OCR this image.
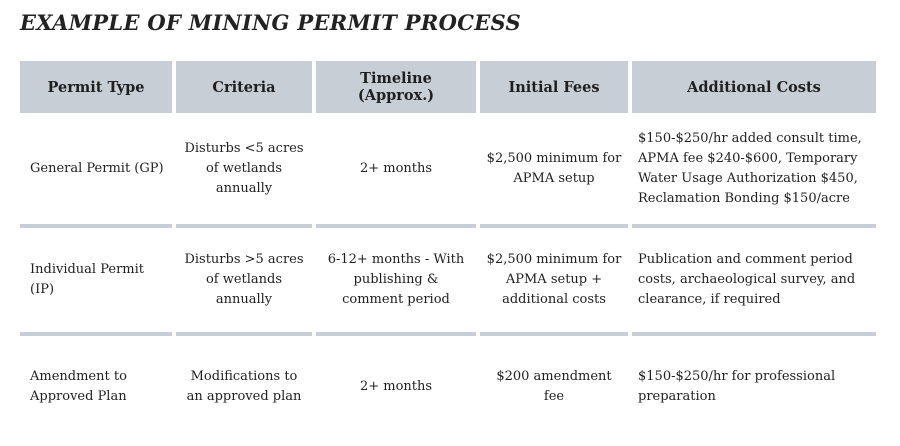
EXAMPLE OF MINING PERMIT PROCESS
Permit Type	Criteria	Timeline (Approx.)	Initial Fees	Additional Costs
General Permit (GP)	Disturbs <5 acres of wetlands annually	2+ months	$2,500 minimum for APMA setup	$150-$250/hr added consult time, APMA fee $240-$600, Temporary Water Usage Authorization $450, Reclamation Bonding $150/acre
Individual Permit (IP)	Disturbs >5 acres of wetlands annually	6-12+ months - With publishing & comment period	$2,500 minimum for APMA setup + additional costs	Publication and comment period costs, archaeological survey, and clearance, if required
Amendment to Approved Plan	Modifications to an approved plan	2+ months	$200 amendment fee	$150-$250/hr for professional preparation
